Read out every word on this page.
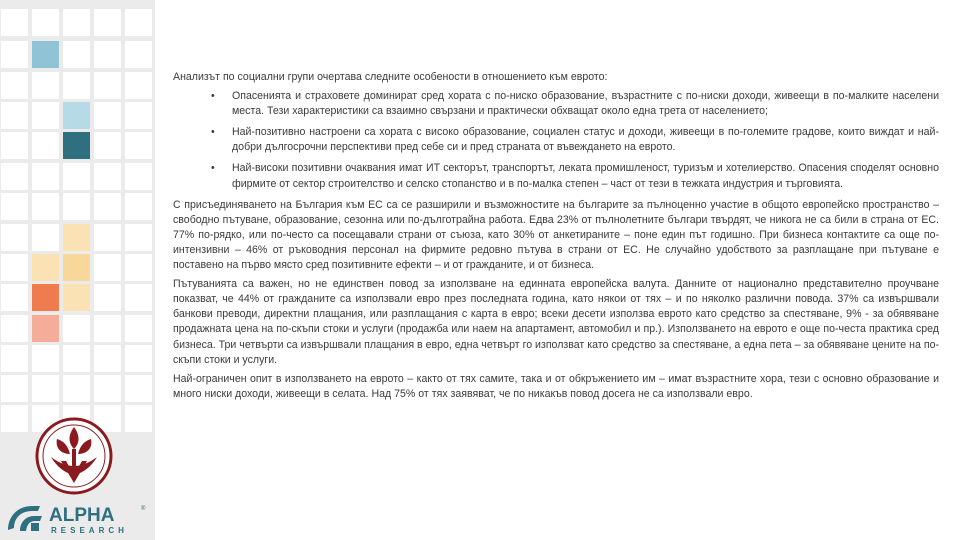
ALPHA
RESEARCH
®

Анализът по социални групи очертава следните особености в отношението към еврото:

• Опасенията и страховете доминират сред хората с по-ниско образование, възрастните с по-ниски доходи, живеещи в по-малките населени места. Тези характеристики са взаимно свързани и практически обхващат около една трета от населението;
• Най-позитивно настроени са хората с високо образование, социален статус и доходи, живеещи в по-големите градове, които виждат и най-добри дългосрочни перспективи пред себе си и пред страната от въвеждането на еврото.
• Най-високи позитивни очаквания имат ИТ секторът, транспортът, леката промишленост, туризъм и хотелиерство. Опасения споделят основно фирмите от сектор строителство и селско стопанство и в по-малка степен – част от тези в тежката индустрия и търговията.

С присъединяването на България към ЕС са се разширили и възможностите на българите за пълноценно участие в общото европейско пространство – свободно пътуване, образование, сезонна или по-дълготрайна работа. Едва 23% от пълнолетните българи твърдят, че никога не са били в страна от ЕС. 77% по-рядко, или по-често са посещавали страни от съюза, като 30% от анкетираните – поне един път годишно. При бизнеса контактите са още по-интензивни – 46% от ръководния персонал на фирмите редовно пътува в страни от ЕС. Не случайно удобството за разплащане при пътуване е поставено на първо място сред позитивните ефекти – и от гражданите, и от бизнеса.

Пътуванията са важен, но не единствен повод за използване на единната европейска валута. Данните от национално представително проучване показват, че 44% от гражданите са използвали евро през последната година, като някои от тях – и по няколко различни повода. 37% са извършвали банкови преводи, директни плащания, или разплащания с карта в евро; всеки десети използва еврото като средство за спестяване, 9% - за обявяване продажната цена на по-скъпи стоки и услуги (продажба или наем на апартамент, автомобил и пр.). Използването на еврото е още по-честа практика сред бизнеса. Три четвърти са извършвали плащания в евро, една четвърт го използват като средство за спестяване, а една пета – за обявяване цените на по-скъпи стоки и услуги.

Най-ограничен опит в използването на еврото – както от тях самите, така и от обкръжението им – имат възрастните хора, тези с основно образование и много ниски доходи, живеещи в селата. Над 75% от тях заявяват, че по никакъв повод досега не са използвали евро.
